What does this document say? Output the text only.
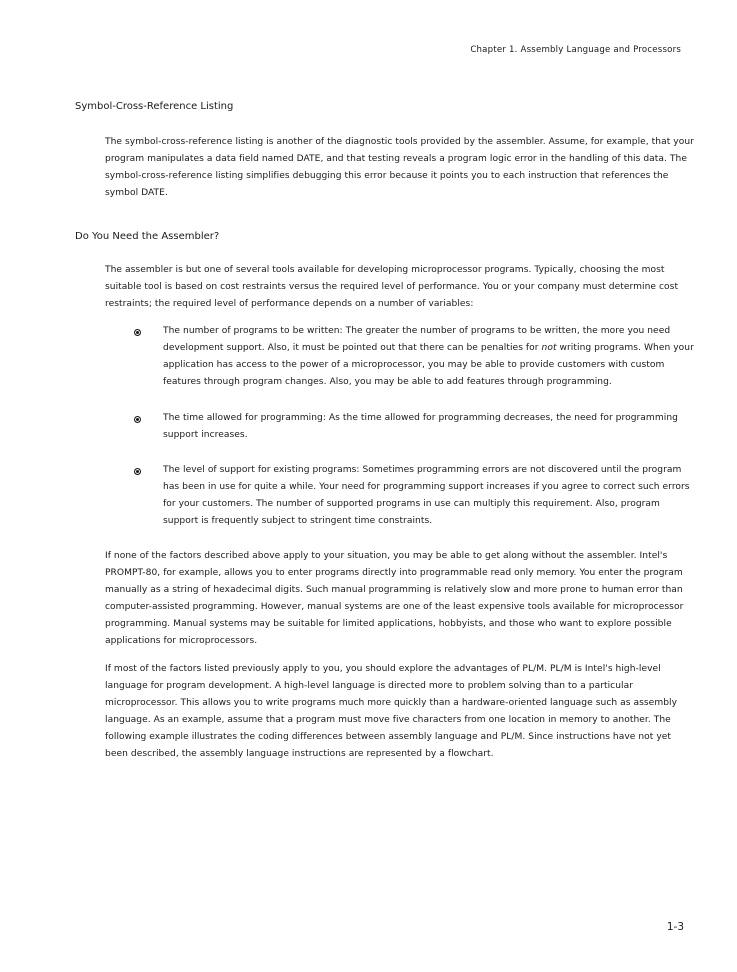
Chapter 1. Assembly Language and Processors
Symbol-Cross-Reference Listing

The symbol-cross-reference listing is another of the diagnostic tools provided by the assembler. Assume, for example, that your program manipulates a data field named DATE, and that testing reveals a program logic error in the handling of this data. The symbol-cross-reference listing simplifies debugging this error because it points you to each instruction that references the symbol DATE.

Do You Need the Assembler?

The assembler is but one of several tools available for developing microprocessor programs. Typically, choosing the most suitable tool is based on cost restraints versus the required level of performance. You or your company must determine cost restraints; the required level of performance depends on a number of variables:

The number of programs to be written: The greater the number of programs to be written, the more you need development support. Also, it must be pointed out that there can be penalties for not writing programs. When your application has access to the power of a microprocessor, you may be able to provide customers with custom features through program changes. Also, you may be able to add features through programming.
The time allowed for programming: As the time allowed for programming decreases, the need for programming support increases.
The level of support for existing programs: Sometimes programming errors are not discovered until the program has been in use for quite a while. Your need for programming support increases if you agree to correct such errors for your customers. The number of supported programs in use can multiply this requirement. Also, program support is frequently subject to stringent time constraints.

If none of the factors described above apply to your situation, you may be able to get along without the assembler. Intel's PROMPT-80, for example, allows you to enter programs directly into programmable read only memory. You enter the program manually as a string of hexadecimal digits. Such manual programming is relatively slow and more prone to human error than computer-assisted programming. However, manual systems are one of the least expensive tools available for microprocessor programming. Manual systems may be suitable for limited applications, hobbyists, and those who want to explore possible applications for microprocessors.

If most of the factors listed previously apply to you, you should explore the advantages of PL/M. PL/M is Intel's high-level language for program development. A high-level language is directed more to problem solving than to a particular microprocessor. This allows you to write programs much more quickly than a hardware-oriented language such as assembly language. As an example, assume that a program must move five characters from one location in memory to another. The following example illustrates the coding differences between assembly language and PL/M. Since instructions have not yet been described, the assembly language instructions are represented by a flowchart.

1-3
